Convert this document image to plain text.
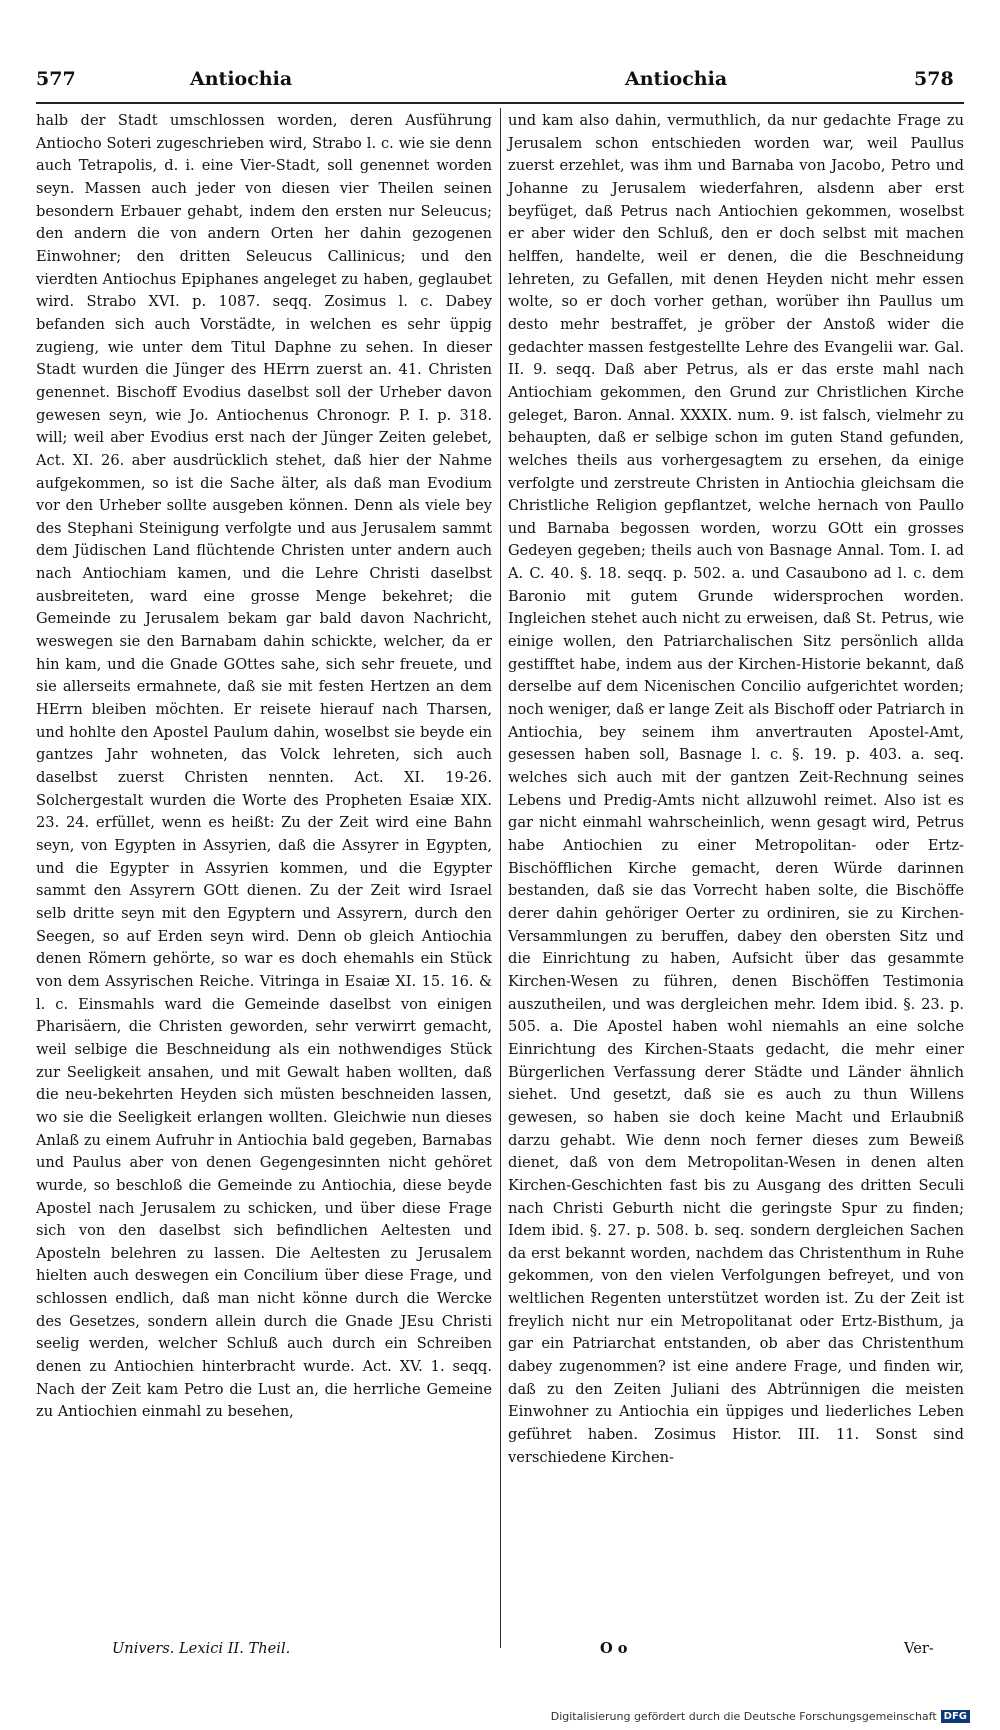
577	Antiochia	Antiochia	578

halb der Stadt umschlossen worden, deren Ausführung Antiocho Soteri zugeschrieben wird, Strabo l. c. wie sie denn auch Tetrapolis, d. i. eine Vier-Stadt, soll genennet worden seyn. Massen auch jeder von diesen vier Theilen seinen besondern Erbauer gehabt, indem den ersten nur Seleucus; den andern die von andern Orten her dahin gezogenen Einwohner; den dritten Seleucus Callinicus; und den vierdten Antiochus Epiphanes angeleget zu haben, geglaubet wird. Strabo XVI. p. 1087. seqq. Zosimus l. c. Dabey befanden sich auch Vorstädte, in welchen es sehr üppig zugieng, wie unter dem Titul Daphne zu sehen. In dieser Stadt wurden die Jünger des HErrn zuerst an. 41. Christen genennet. Bischoff Evodius daselbst soll der Urheber davon gewesen seyn, wie Jo. Antiochenus Chronogr. P. I. p. 318. will; weil aber Evodius erst nach der Jünger Zeiten gelebet, Act. XI. 26. aber ausdrücklich stehet, daß hier der Nahme aufgekommen, so ist die Sache älter, als daß man Evodium vor den Urheber sollte ausgeben können. Denn als viele bey des Stephani Steinigung verfolgte und aus Jerusalem sammt dem Jüdischen Land flüchtende Christen unter andern auch nach Antiochiam kamen, und die Lehre Christi daselbst ausbreiteten, ward eine grosse Menge bekehret; die Gemeinde zu Jerusalem bekam gar bald davon Nachricht, weswegen sie den Barnabam dahin schickte, welcher, da er hin kam, und die Gnade GOttes sahe, sich sehr freuete, und sie allerseits ermahnete, daß sie mit festen Hertzen an dem HErrn bleiben möchten. Er reisete hierauf nach Tharsen, und hohlte den Apostel Paulum dahin, woselbst sie beyde ein gantzes Jahr wohneten, das Volck lehreten, sich auch daselbst zuerst Christen nennten. Act. XI. 19-26. Solchergestalt wurden die Worte des Propheten Esaiæ XIX. 23. 24. erfüllet, wenn es heißt: Zu der Zeit wird eine Bahn seyn, von Egypten in Assyrien, daß die Assyrer in Egypten, und die Egypter in Assyrien kommen, und die Egypter sammt den Assyrern GOtt dienen. Zu der Zeit wird Israel selb dritte seyn mit den Egyptern und Assyrern, durch den Seegen, so auf Erden seyn wird. Denn ob gleich Antiochia denen Römern gehörte, so war es doch ehemahls ein Stück von dem Assyrischen Reiche. Vitringa in Esaiæ XI. 15. 16. & l. c. Einsmahls ward die Gemeinde daselbst von einigen Pharisäern, die Christen geworden, sehr verwirrt gemacht, weil selbige die Beschneidung als ein nothwendiges Stück zur Seeligkeit ansahen, und mit Gewalt haben wollten, daß die neu-bekehrten Heyden sich müsten beschneiden lassen, wo sie die Seeligkeit erlangen wollten. Gleichwie nun dieses Anlaß zu einem Aufruhr in Antiochia bald gegeben, Barnabas und Paulus aber von denen Gegengesinnten nicht gehöret wurde, so beschloß die Gemeinde zu Antiochia, diese beyde Apostel nach Jerusalem zu schicken, und über diese Frage sich von den daselbst sich befindlichen Aeltesten und Aposteln belehren zu lassen. Die Aeltesten zu Jerusalem hielten auch deswegen ein Concilium über diese Frage, und schlossen endlich, daß man nicht könne durch die Wercke des Gesetzes, sondern allein durch die Gnade JEsu Christi seelig werden, welcher Schluß auch durch ein Schreiben denen zu Antiochien hinterbracht wurde. Act. XV. 1. seqq. Nach der Zeit kam Petro die Lust an, die herrliche Gemeine zu Antiochien einmahl zu besehen,

und kam also dahin, vermuthlich, da nur gedachte Frage zu Jerusalem schon entschieden worden war, weil Paullus zuerst erzehlet, was ihm und Barnaba von Jacobo, Petro und Johanne zu Jerusalem wiederfahren, alsdenn aber erst beyfüget, daß Petrus nach Antiochien gekommen, woselbst er aber wider den Schluß, den er doch selbst mit machen helffen, handelte, weil er denen, die die Beschneidung lehreten, zu Gefallen, mit denen Heyden nicht mehr essen wolte, so er doch vorher gethan, worüber ihn Paullus um desto mehr bestraffet, je gröber der Anstoß wider die gedachter massen festgestellte Lehre des Evangelii war. Gal. II. 9. seqq. Daß aber Petrus, als er das erste mahl nach Antiochiam gekommen, den Grund zur Christlichen Kirche geleget, Baron. Annal. XXXIX. num. 9. ist falsch, vielmehr zu behaupten, daß er selbige schon im guten Stand gefunden, welches theils aus vorhergesagtem zu ersehen, da einige verfolgte und zerstreute Christen in Antiochia gleichsam die Christliche Religion gepflantzet, welche hernach von Paullo und Barnaba begossen worden, worzu GOtt ein grosses Gedeyen gegeben; theils auch von Basnage Annal. Tom. I. ad A. C. 40. §. 18. seqq. p. 502. a. und Casaubono ad l. c. dem Baronio mit gutem Grunde widersprochen worden. Ingleichen stehet auch nicht zu erweisen, daß St. Petrus, wie einige wollen, den Patriarchalischen Sitz persönlich allda gestifftet habe, indem aus der Kirchen-Historie bekannt, daß derselbe auf dem Nicenischen Concilio aufgerichtet worden; noch weniger, daß er lange Zeit als Bischoff oder Patriarch in Antiochia, bey seinem ihm anvertrauten Apostel-Amt, gesessen haben soll, Basnage l. c. §. 19. p. 403. a. seq. welches sich auch mit der gantzen Zeit-Rechnung seines Lebens und Predig-Amts nicht allzuwohl reimet. Also ist es gar nicht einmahl wahrscheinlich, wenn gesagt wird, Petrus habe Antiochien zu einer Metropolitan- oder Ertz-Bischöfflichen Kirche gemacht, deren Würde darinnen bestanden, daß sie das Vorrecht haben solte, die Bischöffe derer dahin gehöriger Oerter zu ordiniren, sie zu Kirchen-Versammlungen zu beruffen, dabey den obersten Sitz und die Einrichtung zu haben, Aufsicht über das gesammte Kirchen-Wesen zu führen, denen Bischöffen Testimonia auszutheilen, und was dergleichen mehr. Idem ibid. §. 23. p. 505. a. Die Apostel haben wohl niemahls an eine solche Einrichtung des Kirchen-Staats gedacht, die mehr einer Bürgerlichen Verfassung derer Städte und Länder ähnlich siehet. Und gesetzt, daß sie es auch zu thun Willens gewesen, so haben sie doch keine Macht und Erlaubniß darzu gehabt. Wie denn noch ferner dieses zum Beweiß dienet, daß von dem Metropolitan-Wesen in denen alten Kirchen-Geschichten fast bis zu Ausgang des dritten Seculi nach Christi Geburth nicht die geringste Spur zu finden; Idem ibid. §. 27. p. 508. b. seq. sondern dergleichen Sachen da erst bekannt worden, nachdem das Christenthum in Ruhe gekommen, von den vielen Verfolgungen befreyet, und von weltlichen Regenten unterstützet worden ist. Zu der Zeit ist freylich nicht nur ein Metropolitanat oder Ertz-Bisthum, ja gar ein Patriarchat entstanden, ob aber das Christenthum dabey zugenommen? ist eine andere Frage, und finden wir, daß zu den Zeiten Juliani des Abtrünnigen die meisten Einwohner zu Antiochia ein üppiges und liederliches Leben geführet haben. Zosimus Histor. III. 11. Sonst sind verschiedene Kirchen-

Univers. Lexici II. Theil.	O o	Ver-
Digitalisierung gefördert durch die Deutsche Forschungsgemeinschaft DFG
